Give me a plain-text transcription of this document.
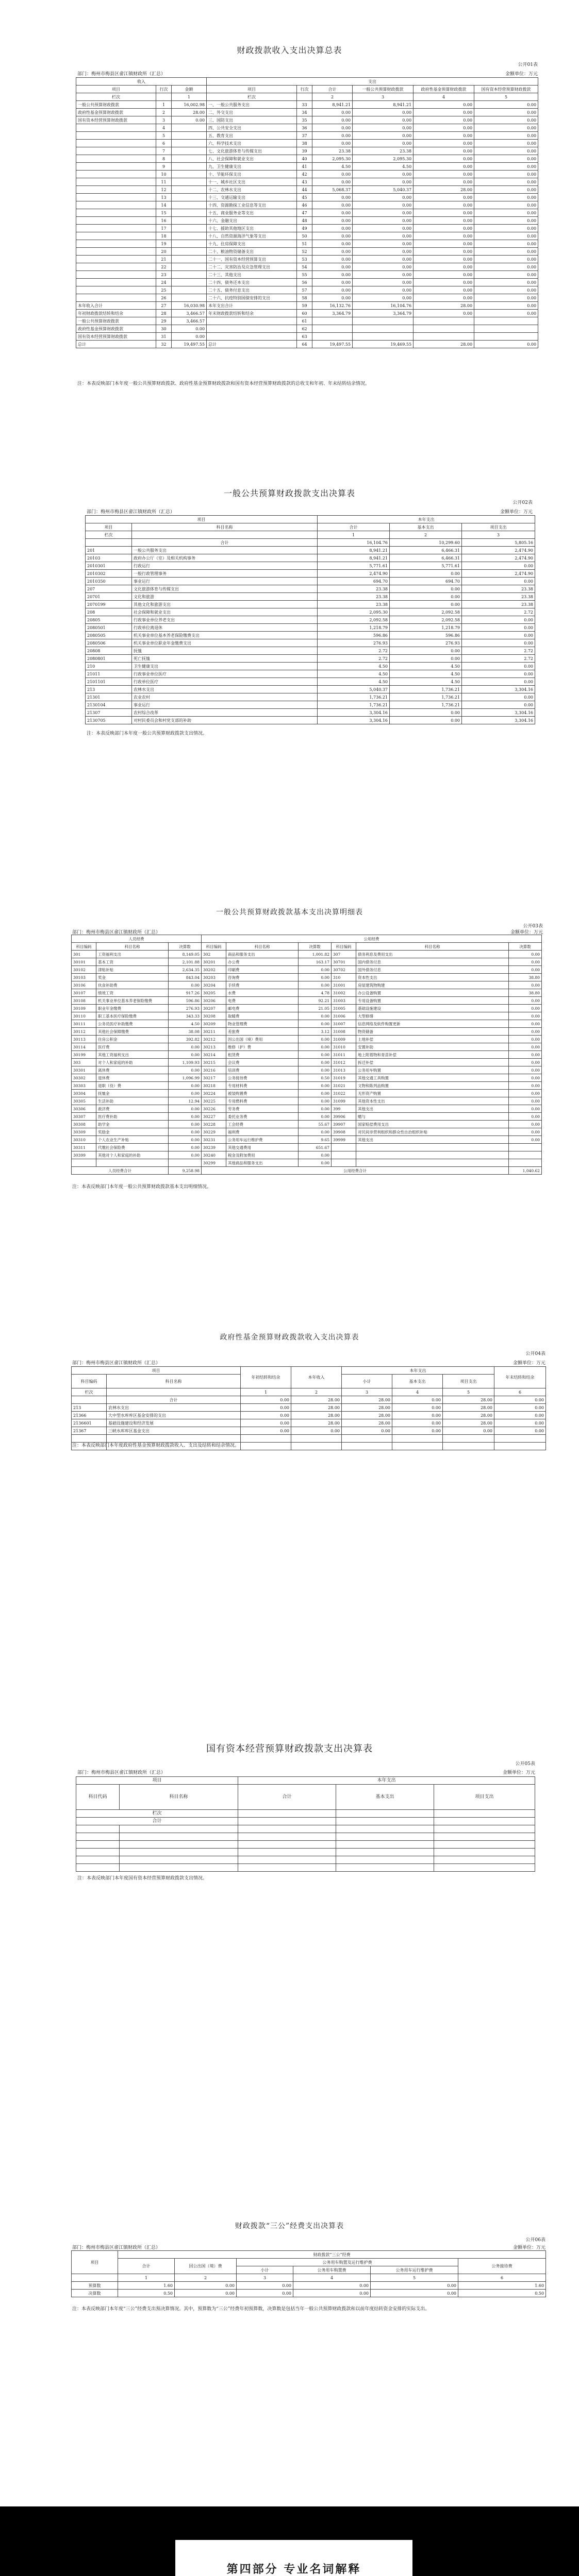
财政拨款收入支出决算总表
公开01表
部门：梅州市梅县区畲江镇财政所（汇总）	金额单位：万元
收入			支出					
项目	行次	金额	项目	行次	合计	一般公共预算财政拨款	政府性基金预算财政拨款	国有资本经营预算财政拨款
栏次		1	栏次		2	3	4	5
一般公共预算财政拨款	1	16,002.98	一、一般公共服务支出	33	8,941.21	8,941.21	0.00	0.00
政府性基金预算财政拨款	2	28.00	二、外交支出	34	0.00	0.00	0.00	0.00
国有资本经营预算财政拨款	3	0.00	三、国防支出	35	0.00	0.00	0.00	0.00
	4		四、公共安全支出	36	0.00	0.00	0.00	0.00
	5		五、教育支出	37	0.00	0.00	0.00	0.00
	6		六、科学技术支出	38	0.00	0.00	0.00	0.00
	7		七、文化旅游体育与传媒支出	39	23.38	23.38	0.00	0.00
	8		八、社会保障和就业支出	40	2,095.30	2,095.30	0.00	0.00
	9		九、卫生健康支出	41	4.50	4.50	0.00	0.00
	10		十、节能环保支出	42	0.00	0.00	0.00	0.00
	11		十一、城乡社区支出	43	0.00	0.00	0.00	0.00
	12		十二、农林水支出	44	5,068.37	5,040.37	28.00	0.00
	13		十三、交通运输支出	45	0.00	0.00	0.00	0.00
	14		十四、资源勘探工业信息等支出	46	0.00	0.00	0.00	0.00
	15		十五、商业服务业等支出	47	0.00	0.00	0.00	0.00
	16		十六、金融支出	48	0.00	0.00	0.00	0.00
	17		十七、援助其他地区支出	49	0.00	0.00	0.00	0.00
	18		十八、自然资源海洋气象等支出	50	0.00	0.00	0.00	0.00
	19		十九、住房保障支出	51	0.00	0.00	0.00	0.00
	20		二十、粮油物资储备支出	52	0.00	0.00	0.00	0.00
	21		二十一、国有资本经营预算支出	53	0.00	0.00	0.00	0.00
	22		二十二、灾害防治及应急管理支出	54	0.00	0.00	0.00	0.00
	23		二十三、其他支出	55	0.00	0.00	0.00	0.00
	24		二十四、债务还本支出	56	0.00	0.00	0.00	0.00
	25		二十五、债务付息支出	57	0.00	0.00	0.00	0.00
	26		二十六、抗疫特别国债安排的支出	58	0.00	0.00	0.00	0.00
本年收入合计	27	16,030.98	本年支出合计	59	16,132.76	16,104.76	28.00	0.00
年初财政拨款结转和结余	28	3,466.57	年末财政拨款结转和结余	60	3,364.79	3,364.79	0.00	0.00
一般公共预算财政拨款	29	3,466.57		61				
政府性基金预算财政拨款	30	0.00		62				
国有资本经营预算财政拨款	31	0.00		63				
总计	32	19,497.55	总计	64	19,497.55	19,469.55	28.00	0.00
注：本表反映部门本年度一般公共预算财政拨款、政府性基金预算财政拨款和国有资本经营预算财政拨款的总收支和年初、年末结转结余情况。
一般公共预算财政拨款支出决算表
公开02表
部门：梅州市梅县区畲江镇财政所（汇总）	金额单位：万元
项目		本年支出		
项目	科目名称	合计	基本支出	项目支出
栏次		1	2	3
	合计	16,104.76	10,299.60	5,805.16
201	一般公共服务支出	8,941.21	6,466.31	2,474.90
20103	政府办公厅（室）及相关机构事务	8,941.21	6,466.31	2,474.90
2010301	行政运行	5,771.61	5,771.61	0.00
2010302	一般行政管理事务	2,474.90	0.00	2,474.90
2010350	事业运行	694.70	694.70	0.00
207	文化旅游体育与传媒支出	23.38	0.00	23.38
20701	文化和旅游	23.38	0.00	23.38
2070199	其他文化和旅游支出	23.38	0.00	23.38
208	社会保障和就业支出	2,095.30	2,092.58	2.72
20805	行政事业单位养老支出	2,092.58	2,092.58	0.00
2080501	行政单位离退休	1,218.79	1,218.79	0.00
2080505	机关事业单位基本养老保险缴费支出	596.86	596.86	0.00
2080506	机关事业单位职业年金缴费支出	276.93	276.93	0.00
20808	抚恤	2.72	0.00	2.72
2080801	死亡抚恤	2.72	0.00	2.72
210	卫生健康支出	4.50	4.50	0.00
21011	行政事业单位医疗	4.50	4.50	0.00
2101101	行政单位医疗	4.50	4.50	0.00
213	农林水支出	5,040.37	1,736.21	3,304.16
21301	农业农村	1,736.21	1,736.21	0.00
2130104	事业运行	1,736.21	1,736.21	0.00
21307	农村综合改革	3,304.16	0.00	3,304.16
2130705	对村民委员会和村党支部的补助	3,304.16	0.00	3,304.16
注：本表反映部门本年度一般公共预算财政拨款支出情况。
一般公共预算财政拨款基本支出决算明细表
公开03表
部门：梅州市梅县区畲江镇财政所（汇总）	金额单位：万元
人员经费			公用经费					
科目编码	科目名称	决算数	科目编码	科目名称	决算数	科目编码	科目名称	决算数
301	工资福利支出	8,149.05	302	商品和服务支出	1,001.82	307	债务利息及费用支出	0.00
30101	基本工资	2,101.88	30201	办公费	163.17	30701	国内债务付息	0.00
30102	津贴补贴	2,634.35	30202	印刷费	0.00	30702	国外债务付息	0.00
30103	奖金	843.04	30203	咨询费	0.00	310	资本性支出	38.80
30106	伙食补助费	0.00	30204	手续费	0.00	31001	房屋建筑物购建	0.00
30107	绩效工资	917.26	30205	水费	4.78	31002	办公设备购置	38.80
30108	机关事业单位基本养老保险缴费	596.86	30206	电费	92.21	31003	专用设备购置	0.00
30109	职业年金缴费	276.93	30207	邮电费	21.05	31005	基础设施建设	0.00
30110	职工基本医疗保险缴费	343.33	30208	取暖费	0.00	31006	大型修缮	0.00
30111	公务员医疗补助缴费	4.50	30209	物业管理费	0.00	31007	信息网络及软件购置更新	0.00
30112	其他社会保障缴费	38.08	30211	差旅费	3.12	31008	物资储备	0.00
30113	住房公积金	392.82	30212	因公出国（境）费用	0.00	31009	土地补偿	0.00
30114	医疗费	0.00	30213	维修（护）费	0.00	31010	安置补助	0.00
30199	其他工资福利支出	0.00	30214	租赁费	0.00	31011	地上附着物和青苗补偿	0.00
303	对个人和家庭的补助	1,109.93	30215	会议费	0.00	31012	拆迁补偿	0.00
30301	离休费	0.00	30216	培训费	0.00	31013	公务用车购置	0.00
30302	退休费	1,096.99	30217	公务接待费	0.50	31019	其他交通工具购置	0.00
30303	退职（役）费	0.00	30218	专用材料费	0.00	31021	文物和陈列品购置	0.00
30304	抚恤金	0.00	30224	被装购置费	0.00	31022	无形资产购置	0.00
30305	生活补助	12.94	30225	专用燃料费	0.00	31099	其他资本性支出	0.00
30306	救济费	0.00	30226	劳务费	0.00	399	其他支出	0.00
30307	医疗费补助	0.00	30227	委托业务费	0.00	39906	赠与	0.00
30308	助学金	0.00	30228	工会经费	55.67	39907	国家赔偿费用支出	0.00
30309	奖励金	0.00	30229	福利费	0.00	39908	对民间非营利组织和群众性自治组织补贴	0.00
30310	个人农业生产补贴	0.00	30231	公务用车运行维护费	9.65	39999	其他支出	0.00
30311	代缴社会保险费	0.00	30239	其他交通费用	651.67			
30399	其他对个人和家庭的补助	0.00	30240	税金及附加费用	0.00			
			30299	其他商品和服务支出	0.00			
人员经费合计		9,258.98	公用经费合计					1,040.62
注：本表反映部门本年度一般公共预算财政拨款基本支出明细情况。
政府性基金预算财政拨款收入支出决算表
公开04表
部门：梅州市梅县区畲江镇财政所（汇总）	金额单位：万元
项目		年初结转和结余	本年收入	本年支出			年末结转和结余
科目编码	科目名称			小计	基本支出	项目支出	
栏次		1	2	3	4	5	6
	合计	0.00	28.00	28.00	0.00	28.00	0.00
213	农林水支出	0.00	28.00	28.00	0.00	28.00	0.00
21366	大中型水库库区基金安排的支出	0.00	28.00	28.00	0.00	28.00	0.00
2136601	基础设施建设和经济发展	0.00	28.00	28.00	0.00	28.00	0.00
21367	三峡水库库区基金支出	0.00	0.00	0.00	0.00	0.00	0.00

注：本表反映部门本年度政府性基金预算财政拨款收入、支出及结转和结余情况。
国有资本经营预算财政拨款支出决算表
公开05表
部门：梅州市梅县区畲江镇财政所（汇总）	金额单位：万元
项目		本年支出		
科目代码	科目名称	合计	基本支出	项目支出
栏次				
合计				

注：本表反映部门本年度国有资本经营预算财政拨款支出情况。
财政拨款“三公”经费支出决算表
公开06表
部门：梅州市梅县区畲江镇财政所（汇总）	金额单位：万元
项目	财政拨款“三公”经费					
	合计	因公出国（境）费	公务用车购置及运行维护费			公务接待费
			小计	公务用车购置费	公务用车运行维护费	
	1	2	3	4	5	6
预算数	1.60	0.00	0.00	0.00	0.00	1.60
决算数	0.50	0.00	0.00	0.00	0.00	0.50
注：本表反映部门本年度“三公”经费支出预决算情况。其中，预算数为“三公”经费年初预算数，决算数是包括当年一般公共预算财政拨款和以前年度结转资金安排的实际支出。
第四部分 专业名词解释
